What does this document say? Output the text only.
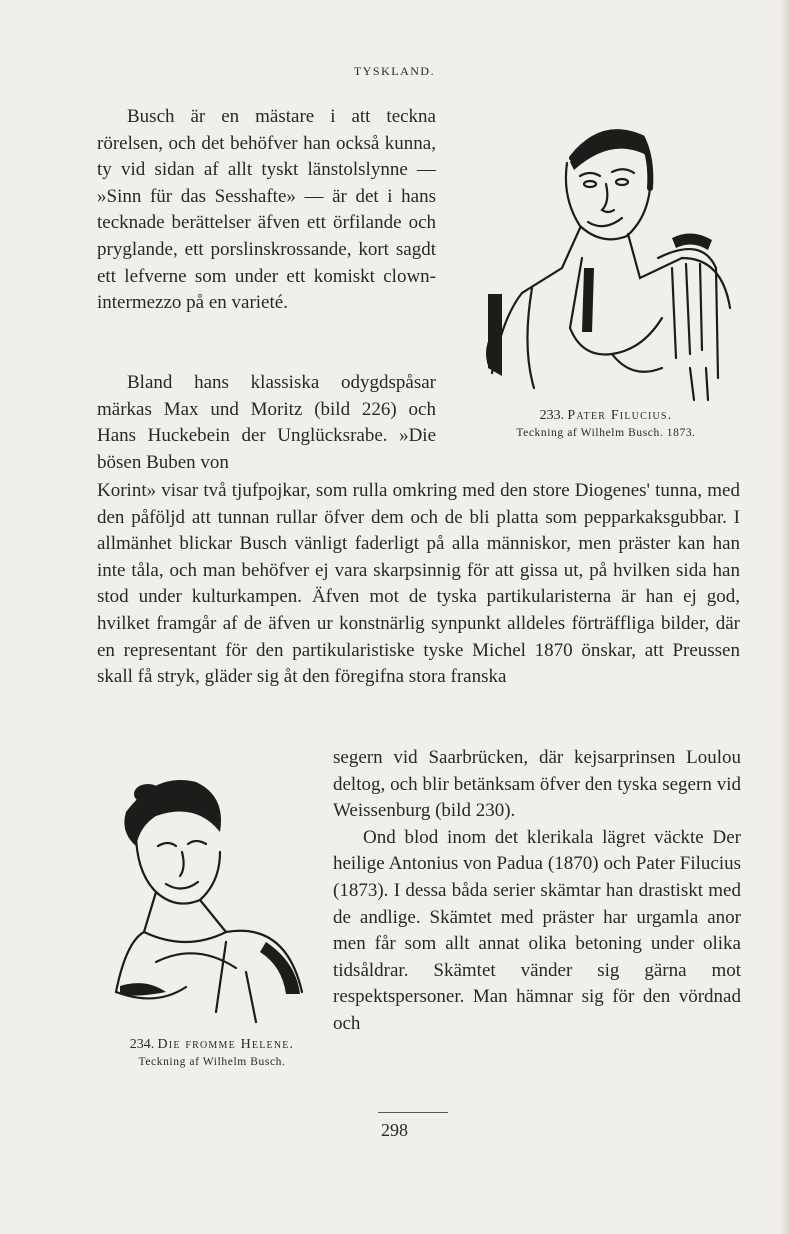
TYSKLAND.
Busch är en mästare i att teckna rörelsen, och det behöfver han också kunna, ty vid sidan af allt tyskt länstolslynne — »Sinn für das Sesshafte» — är det i hans tecknade berättelser äfven ett örfilande och pryglande, ett porslinskrossande, kort sagdt ett lefverne som under ett komiskt clown-intermezzo på en varieté.
Bland hans klassiska odygdspåsar märkas Max und Moritz (bild 226) och Hans Huckebein der Unglücksrabe. »Die bösen Buben von
Korint» visar två tjufpojkar, som rulla omkring med den store Diogenes' tunna, med den påföljd att tunnan rullar öfver dem och de bli platta som pepparkaksgubbar. I allmänhet blickar Busch vänligt faderligt på alla människor, men präster kan han inte tåla, och man behöfver ej vara skarpsinnig för att gissa ut, på hvilken sida han stod under kulturkampen. Äfven mot de tyska partikularisterna är han ej god, hvilket framgår af de äfven ur konstnärlig synpunkt alldeles förträffliga bilder, där en representant för den partikularistiske tyske Michel 1870 önskar, att Preussen skall få stryk, gläder sig åt den föregifna stora franska
233. Pater Filucius.
Teckning af Wilhelm Busch. 1873.
234. Die fromme Helene.
Teckning af Wilhelm Busch.
segern vid Saarbrücken, där kejsarprinsen Loulou deltog, och blir betänksam öfver den tyska segern vid Weissenburg (bild 230).
Ond blod inom det klerikala lägret väckte Der heilige Antonius von Padua (1870) och Pater Filucius (1873). I dessa båda serier skämtar han drastiskt med de andlige. Skämtet med präster har urgamla anor men får som allt annat olika betoning under olika tidsåldrar. Skämtet vänder sig gärna mot respektspersoner. Man hämnar sig för den vördnad och
298
